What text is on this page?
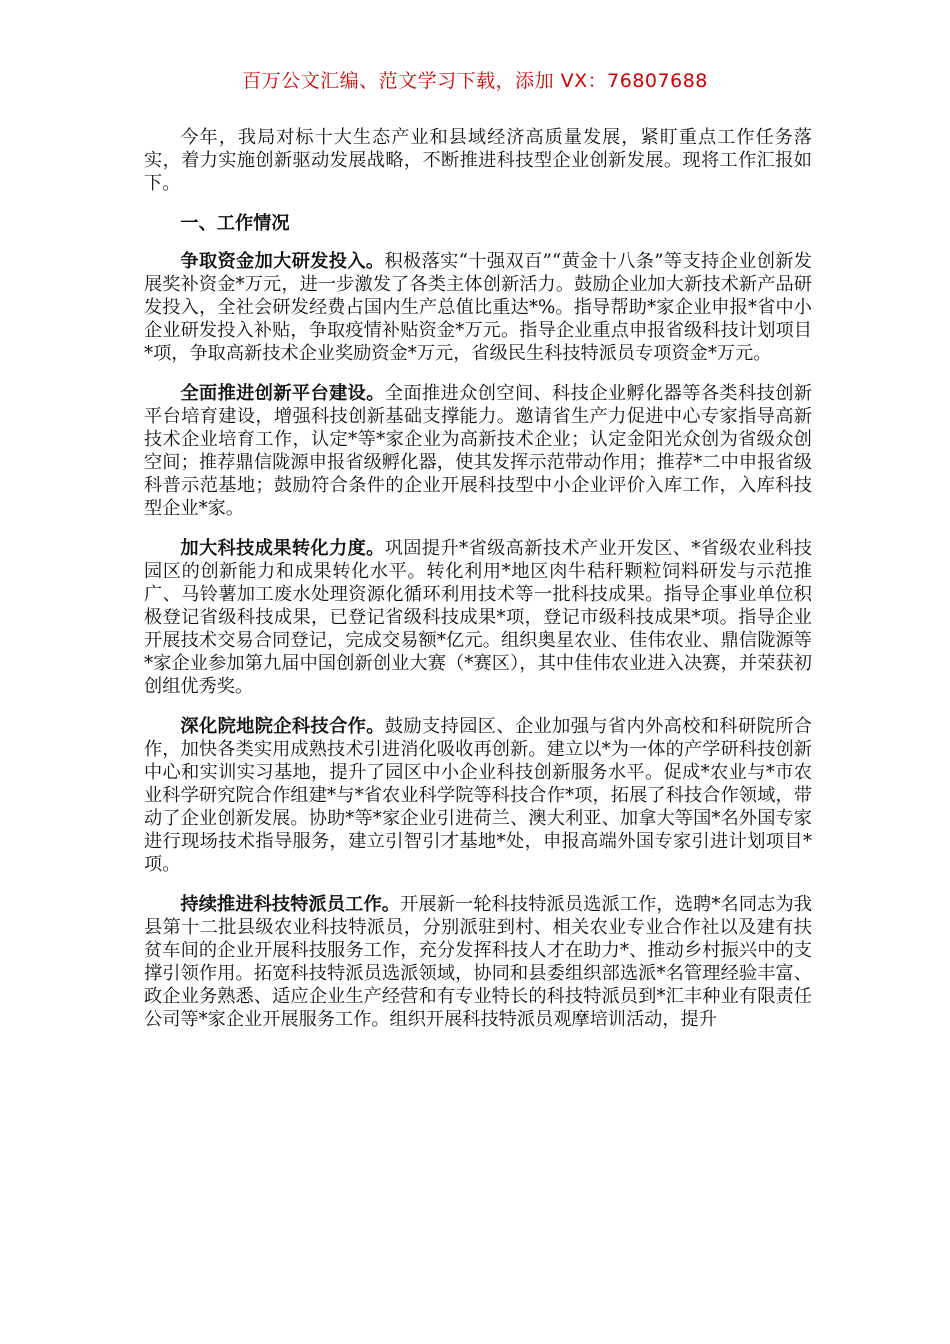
百万公文汇编、范文学习下载，添加 VX：76807688

今年，我局对标十大生态产业和县域经济高质量发展，紧盯重点工作任务落实，着力实施创新驱动发展战略，不断推进科技型企业创新发展。现将工作汇报如下。

一、工作情况

争取资金加大研发投入。积极落实“十强双百”“黄金十八条”等支持企业创新发展奖补资金*万元，进一步激发了各类主体创新活力。鼓励企业加大新技术新产品研发投入，全社会研发经费占国内生产总值比重达*%。指导帮助*家企业申报*省中小企业研发投入补贴，争取疫情补贴资金*万元。指导企业重点申报省级科技计划项目*项，争取高新技术企业奖励资金*万元，省级民生科技特派员专项资金*万元。

全面推进创新平台建设。全面推进众创空间、科技企业孵化器等各类科技创新平台培育建设，增强科技创新基础支撑能力。邀请省生产力促进中心专家指导高新技术企业培育工作，认定*等*家企业为高新技术企业；认定金阳光众创为省级众创空间；推荐鼎信陇源申报省级孵化器，使其发挥示范带动作用；推荐*二中申报省级科普示范基地；鼓励符合条件的企业开展科技型中小企业评价入库工作，入库科技型企业*家。

加大科技成果转化力度。巩固提升*省级高新技术产业开发区、*省级农业科技园区的创新能力和成果转化水平。转化利用*地区肉牛秸秆颗粒饲料研发与示范推广、马铃薯加工废水处理资源化循环利用技术等一批科技成果。指导企事业单位积极登记省级科技成果，已登记省级科技成果*项，登记市级科技成果*项。指导企业开展技术交易合同登记，完成交易额*亿元。组织奥星农业、佳伟农业、鼎信陇源等*家企业参加第九届中国创新创业大赛（*赛区），其中佳伟农业进入决赛，并荣获初创组优秀奖。

深化院地院企科技合作。鼓励支持园区、企业加强与省内外高校和科研院所合作，加快各类实用成熟技术引进消化吸收再创新。建立以*为一体的产学研科技创新中心和实训实习基地，提升了园区中小企业科技创新服务水平。促成*农业与*市农业科学研究院合作组建*与*省农业科学院等科技合作*项，拓展了科技合作领域，带动了企业创新发展。协助*等*家企业引进荷兰、澳大利亚、加拿大等国*名外国专家进行现场技术指导服务，建立引智引才基地*处，申报高端外国专家引进计划项目*项。

持续推进科技特派员工作。开展新一轮科技特派员选派工作，选聘*名同志为我县第十二批县级农业科技特派员，分别派驻到村、相关农业专业合作社以及建有扶贫车间的企业开展科技服务工作，充分发挥科技人才在助力*、推动乡村振兴中的支撑引领作用。拓宽科技特派员选派领域，协同和县委组织部选派*名管理经验丰富、政企业务熟悉、适应企业生产经营和有专业特长的科技特派员到*汇丰种业有限责任公司等*家企业开展服务工作。组织开展科技特派员观摩培训活动，提升
